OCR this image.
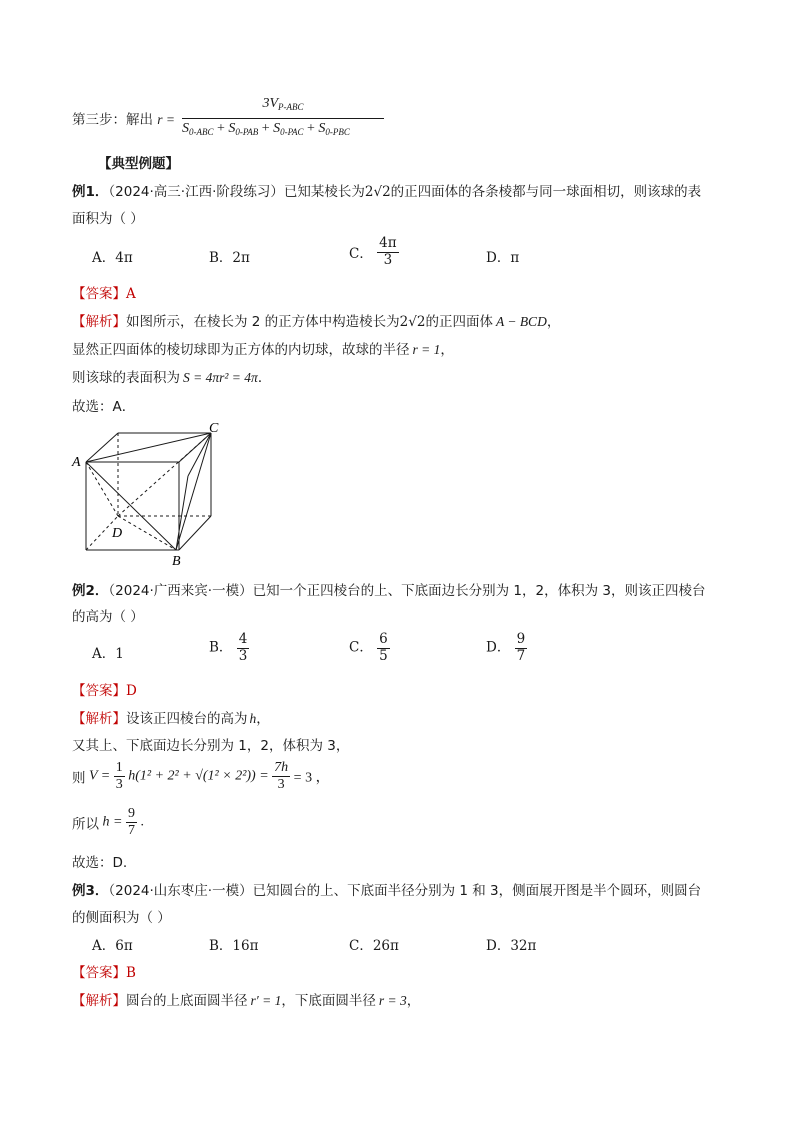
第三步：解出 r =
$3V_{P-ABC}$
$S_{0-ABC} + S_{0-PAB} + S_{0-PAC} + S_{0-PBC}$
【典型例题】
例1．（2024·高三·江西·阶段练习）已知某棱长为2√2的正四面体的各条棱都与同一球面相切，则该球的表
面积为（ ）
A．4π	B．2π	C． $\frac{4\pi}{3}$	D．π
【答案】A
【解析】如图所示，在棱长为 2 的正方体中构造棱长为2√2的正四面体 A − BCD，
显然正四面体的棱切球即为正方体的内切球，故球的半径 r = 1，
则该球的表面积为 S = 4πr² = 4π．
故选：A．
A
C
D
B
例2．（2024·广西来宾·一模）已知一个正四棱台的上、下底面边长分别为 1，2，体积为 3，则该正四棱台
的高为（ ）
A．1	B． $\frac{4}{3}$	C． $\frac{6}{5}$	D． $\frac{9}{7}$
【答案】D
【解析】设该正四棱台的高为 h，
又其上、下底面边长分别为 1，2，体积为 3，
则 $V = \frac{1}{3} h(1^2 + 2^2 + √(1^2 \times 2^2)) = \frac{7h}{3} = 3$ ，
所以 $h = \frac{9}{7}$ .
故选：D.
例3．（2024·山东枣庄·一模）已知圆台的上、下底面半径分别为 1 和 3，侧面展开图是半个圆环，则圆台
的侧面积为（ ）
A．6π	B．16π	C．26π	D．32π
【答案】B
【解析】圆台的上底面圆半径 r′ = 1，下底面圆半径 r = 3，
